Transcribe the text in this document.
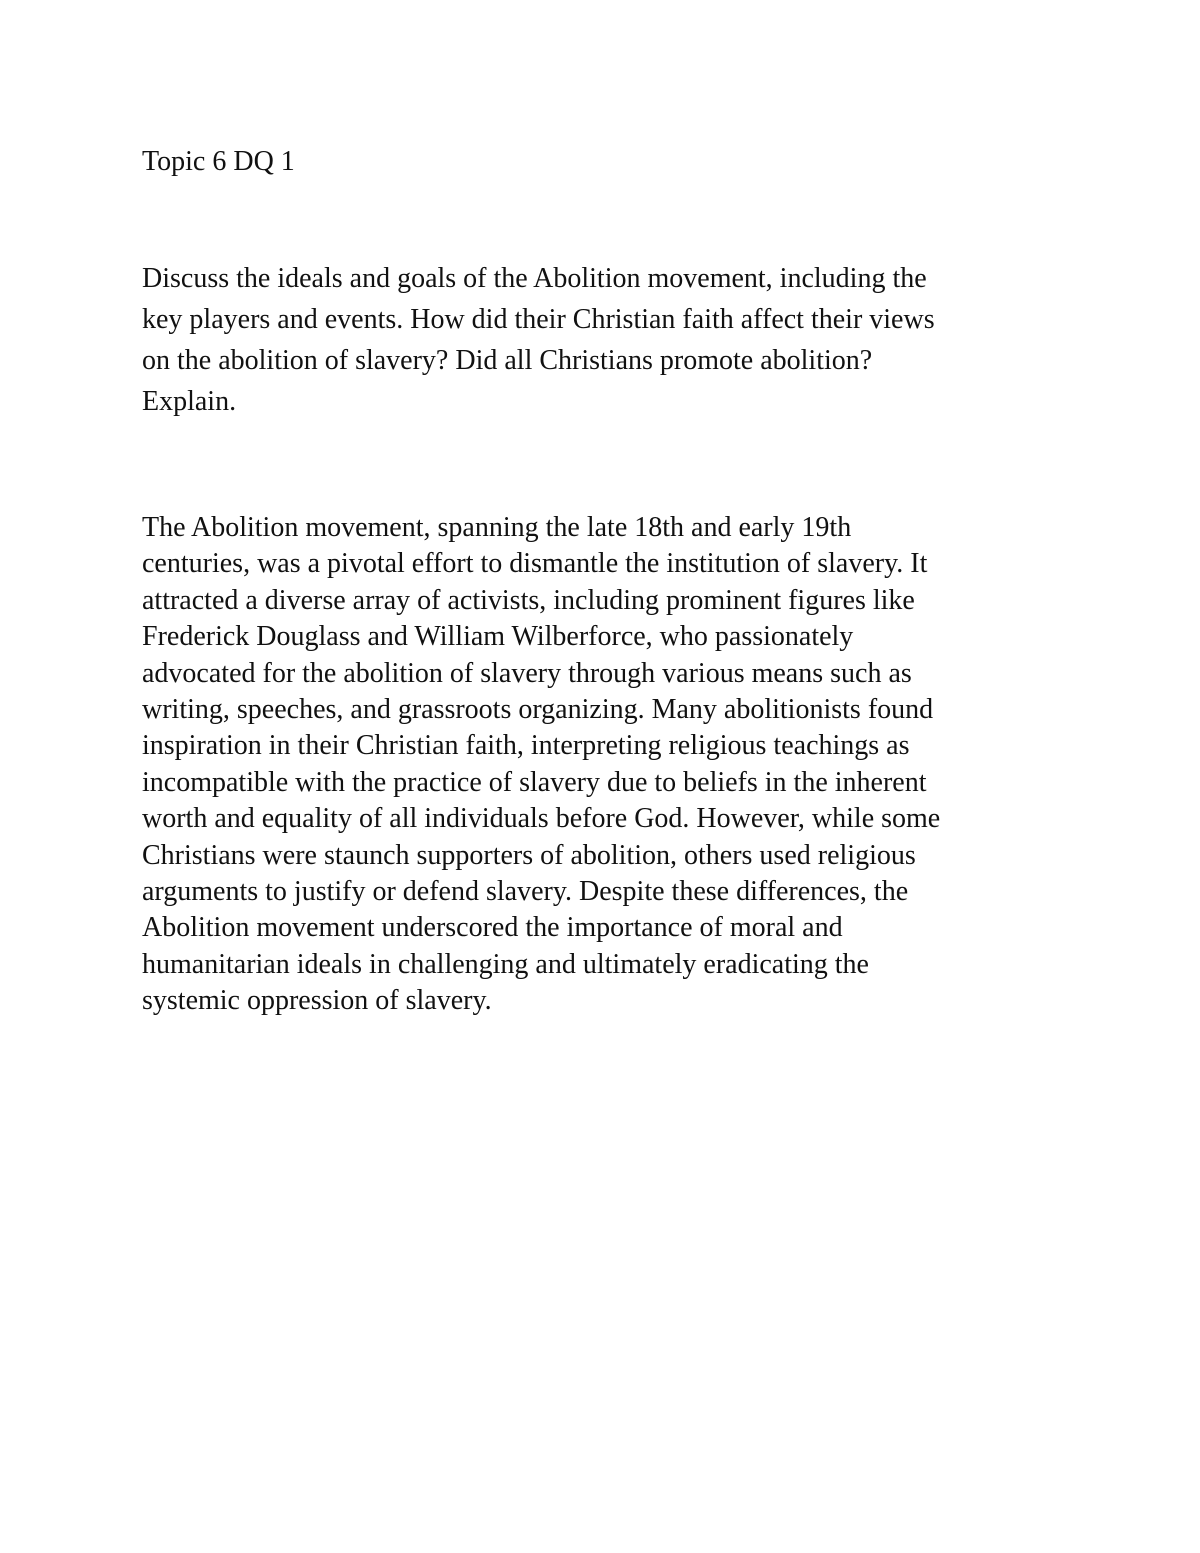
Topic 6 DQ 1
Discuss the ideals and goals of the Abolition movement, including the
key players and events. How did their Christian faith affect their views
on the abolition of slavery? Did all Christians promote abolition?
Explain.
The Abolition movement, spanning the late 18th and early 19th
centuries, was a pivotal effort to dismantle the institution of slavery. It
attracted a diverse array of activists, including prominent figures like
Frederick Douglass and William Wilberforce, who passionately
advocated for the abolition of slavery through various means such as
writing, speeches, and grassroots organizing. Many abolitionists found
inspiration in their Christian faith, interpreting religious teachings as
incompatible with the practice of slavery due to beliefs in the inherent
worth and equality of all individuals before God. However, while some
Christians were staunch supporters of abolition, others used religious
arguments to justify or defend slavery. Despite these differences, the
Abolition movement underscored the importance of moral and
humanitarian ideals in challenging and ultimately eradicating the
systemic oppression of slavery.
